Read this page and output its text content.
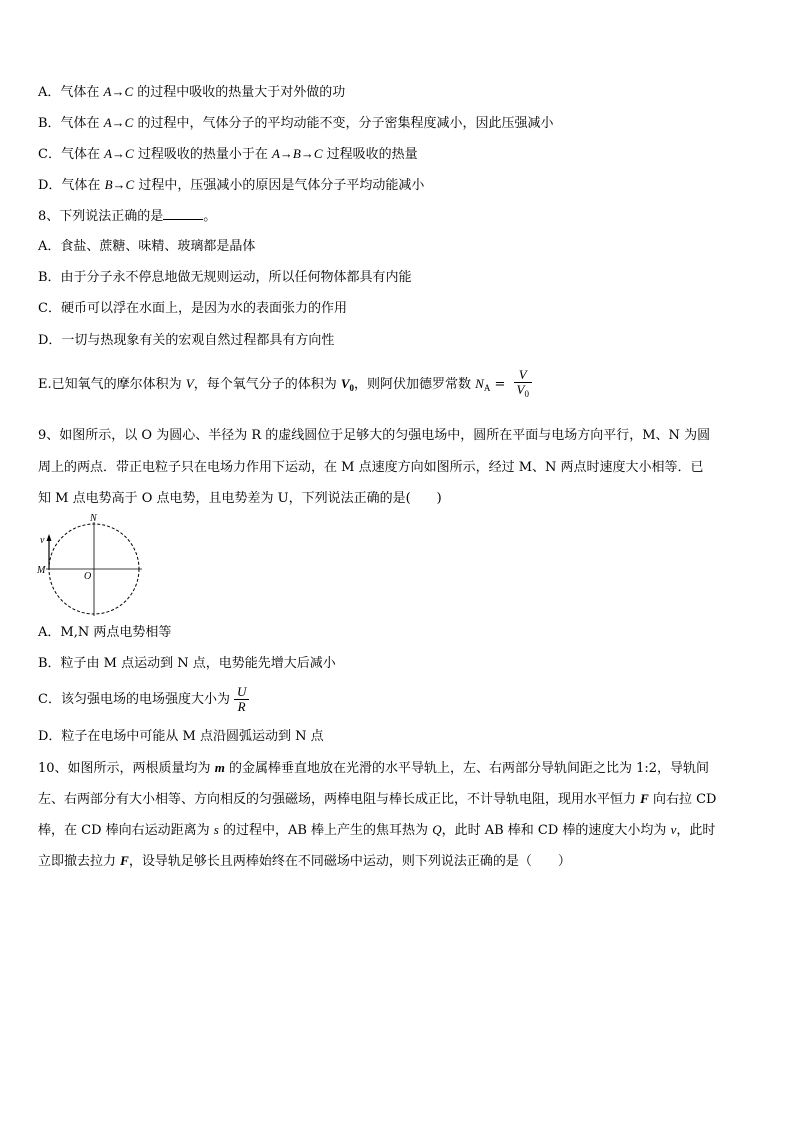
A．气体在 A→C 的过程中吸收的热量大于对外做的功
B．气体在 A→C 的过程中，气体分子的平均动能不变，分子密集程度减小，因此压强减小
C．气体在 A→C 过程吸收的热量小于在 A→B→C 过程吸收的热量
D．气体在 B→C 过程中，压强减小的原因是气体分子平均动能减小
8、下列说法正确的是	。
A．食盐、蔗糖、味精、玻璃都是晶体
B．由于分子永不停息地做无规则运动，所以任何物体都具有内能
C．硬币可以浮在水面上，是因为水的表面张力的作用
D．一切与热现象有关的宏观自然过程都具有方向性
E.已知氧气的摩尔体积为 V，每个氧气分子的体积为 $V_0$，则阿伏加德罗常数 $N_A = \frac{V}{V_0}$
9、如图所示，以 O 为圆心、半径为 R 的虚线圆位于足够大的匀强电场中，圆所在平面与电场方向平行，M、N 为圆
周上的两点．带正电粒子只在电场力作用下运动，在 M 点速度方向如图所示，经过 M、N 两点时速度大小相等．已
知 M 点电势高于 O 点电势，且电势差为 U，下列说法正确的是(　　)
N
M
O
v
A．M,N 两点电势相等
B．粒子由 M 点运动到 N 点，电势能先增大后减小
C．该匀强电场的电场强度大小为 $\frac{U}{R}$
D．粒子在电场中可能从 M 点沿圆弧运动到 N 点
10、如图所示，两根质量均为 m 的金属棒垂直地放在光滑的水平导轨上，左、右两部分导轨间距之比为 1:2，导轨间
左、右两部分有大小相等、方向相反的匀强磁场，两棒电阻与棒长成正比，不计导轨电阻，现用水平恒力 F 向右拉 CD
棒，在 CD 棒向右运动距离为 s 的过程中，AB 棒上产生的焦耳热为 Q，此时 AB 棒和 CD 棒的速度大小均为 v，此时
立即撤去拉力 F，设导轨足够长且两棒始终在不同磁场中运动，则下列说法正确的是（　　）
